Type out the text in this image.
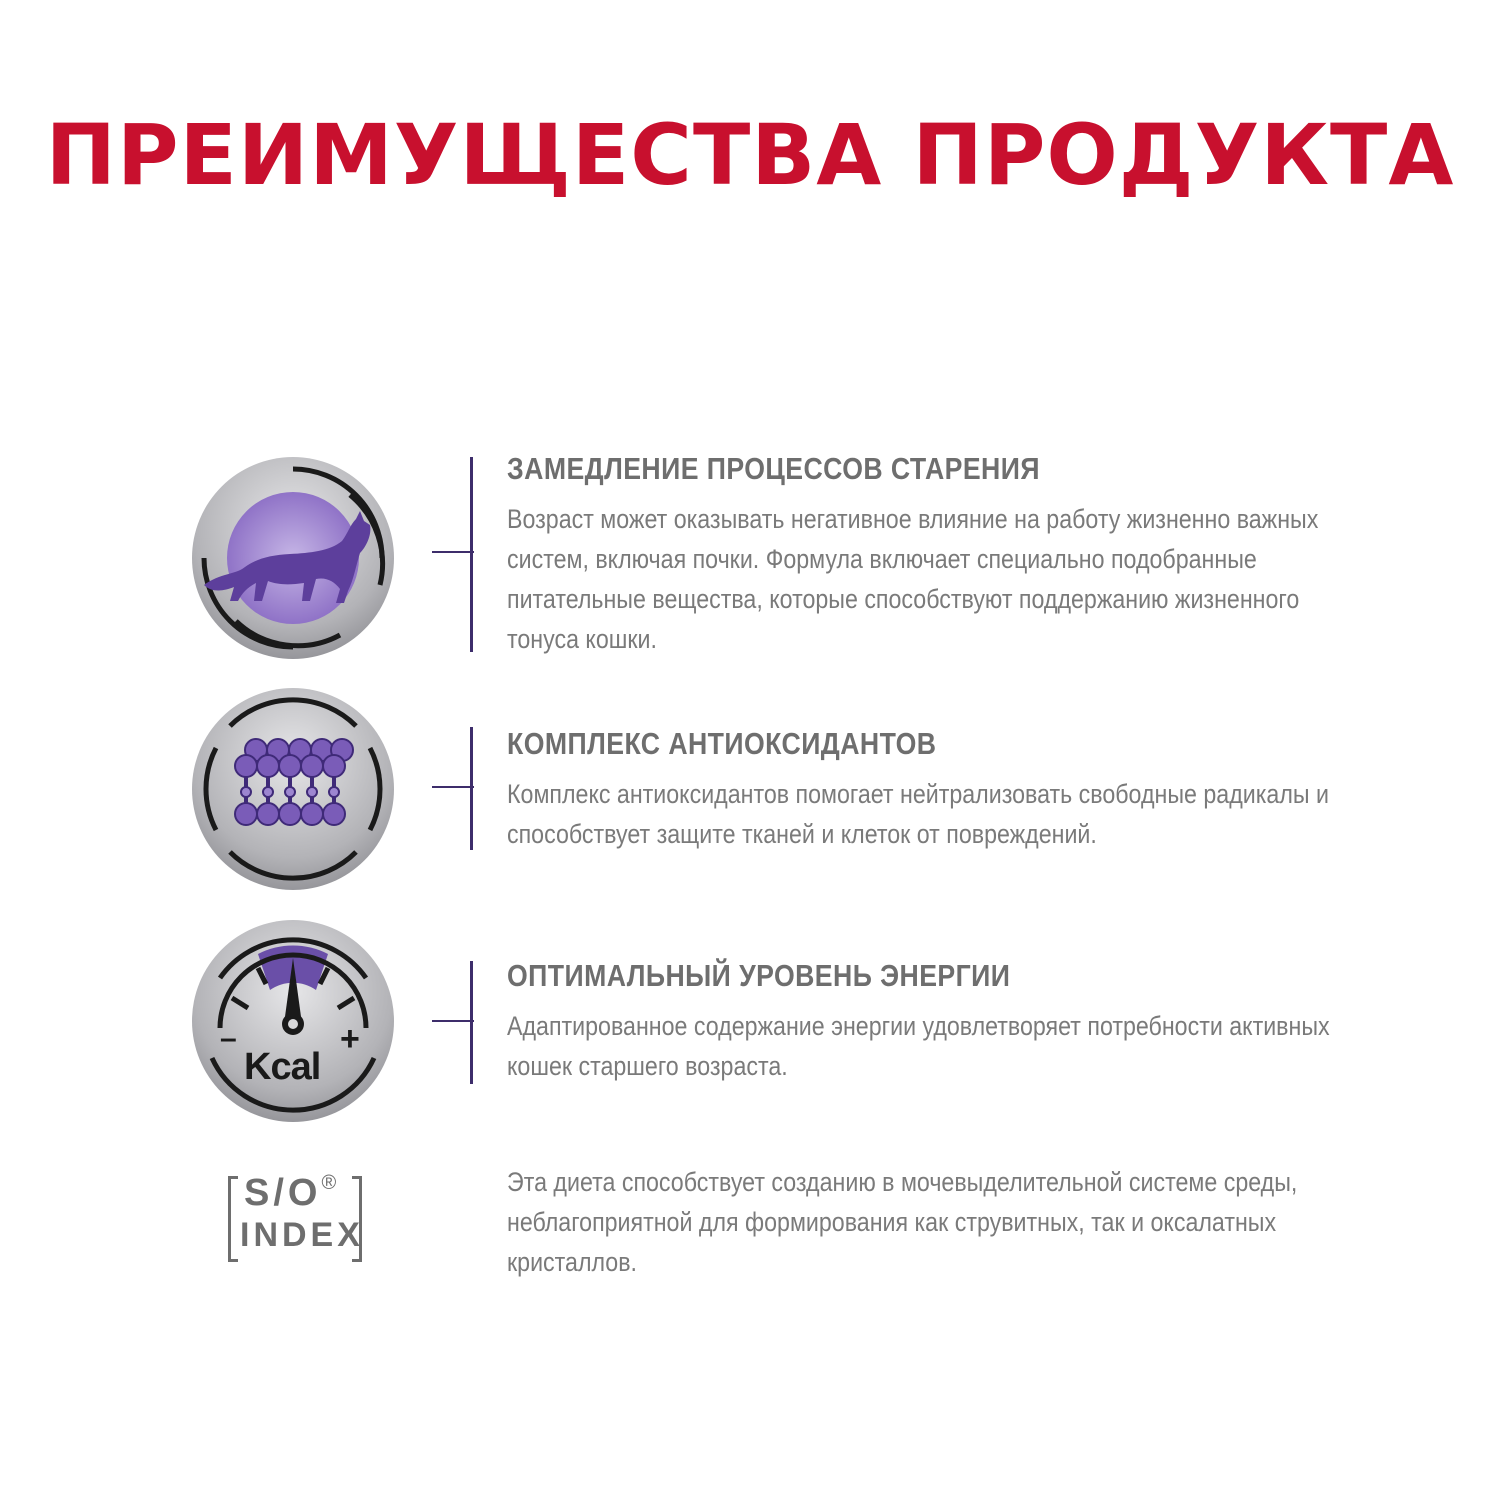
ПРЕИМУЩЕСТВА ПРОДУКТА
ЗАМЕДЛЕНИЕ ПРОЦЕССОВ СТАРЕНИЯ
Возраст может оказывать негативное влияние на работу жизненно важных систем, включая почки. Формула включает специально подобранные питательные вещества, которые способствуют поддержанию жизненного тонуса кошки.
КОМПЛЕКС АНТИОКСИДАНТОВ
Комплекс антиоксидантов помогает нейтрализовать свободные радикалы и способствует защите тканей и клеток от повреждений.
–	+
Kcal
ОПТИМАЛЬНЫЙ УРОВЕНЬ ЭНЕРГИИ
Адаптированное содержание энергии удовлетворяет потребности активных кошек старшего возраста.
S/O®
INDEX
Эта диета способствует созданию в мочевыделительной системе среды, неблагоприятной для формирования как струвитных, так и оксалатных кристаллов.
